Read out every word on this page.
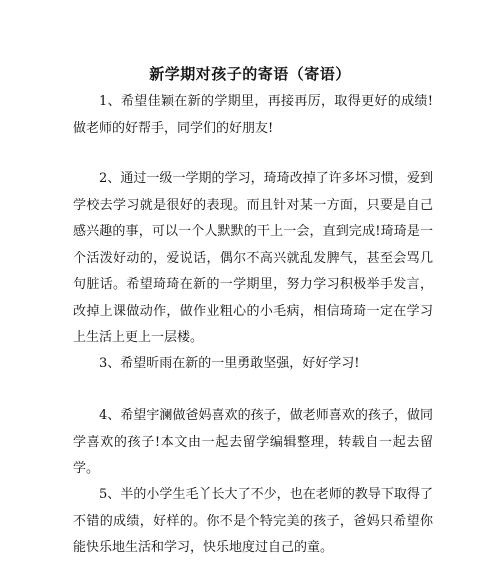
新学期对孩子的寄语（寄语）

1、希望佳颖在新的学期里，再接再厉，取得更好的成绩!做老师的好帮手，同学们的好朋友!

2、通过一级一学期的学习，琦琦改掉了许多坏习惯，爱到学校去学习就是很好的表现。而且针对某一方面，只要是自己感兴趣的事，可以一个人默默的干上一会，直到完成!琦琦是一个活泼好动的，爱说话，偶尔不高兴就乱发脾气，甚至会骂几句脏话。希望琦琦在新的一学期里，努力学习积极举手发言，改掉上课做动作，做作业粗心的小毛病，相信琦琦一定在学习上生活上更上一层楼。

3、希望昕雨在新的一里勇敢坚强，好好学习!

4、希望宇澜做爸妈喜欢的孩子，做老师喜欢的孩子，做同学喜欢的孩子!本文由一起去留学编辑整理，转载自一起去留学。

5、半的小学生毛丫长大了不少，也在老师的教导下取得了不错的成绩，好样的。你不是个特完美的孩子，爸妈只希望你能快乐地生活和学习，快乐地度过自己的童。
